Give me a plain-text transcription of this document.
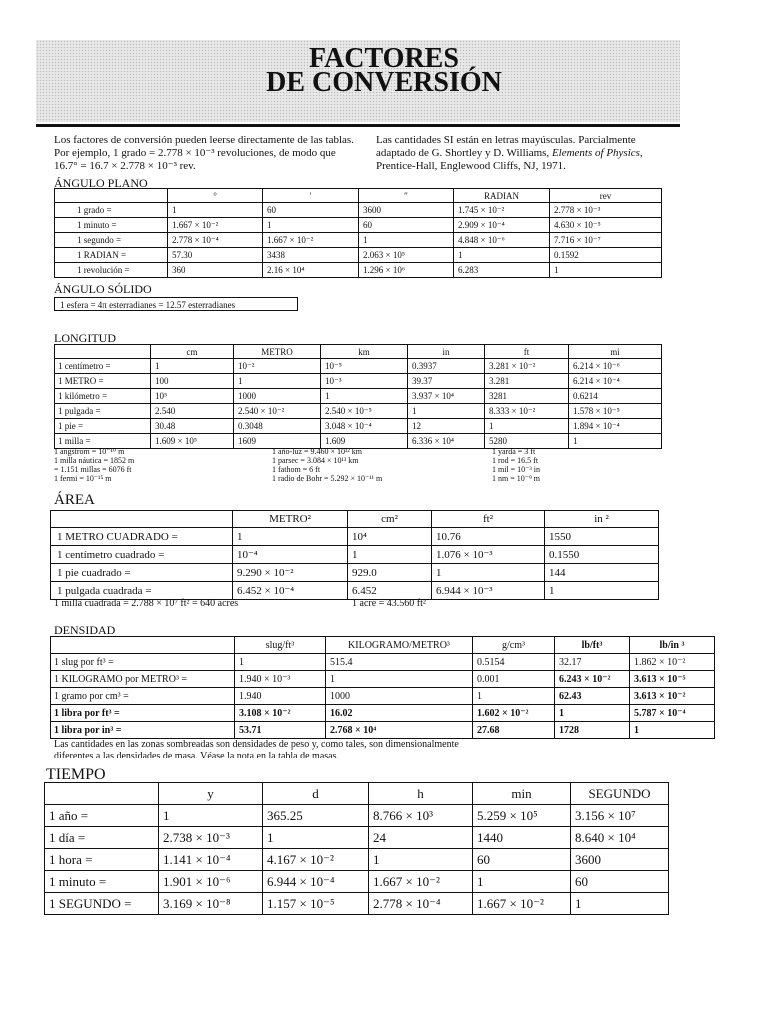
FACTORES
DE CONVERSIÓN
Los factores de conversión pueden leerse directamente de las tablas. Por ejemplo, 1 grado = 2.778 × 10⁻³ revoluciones, de modo que 16.7° = 16.7 × 2.778 × 10⁻³ rev.
Las cantidades SI están en letras mayúsculas. Parcialmente adaptado de G. Shortley y D. Williams, Elements of Physics, Prentice-Hall, Englewood Cliffs, NJ, 1971.
ÁNGULO PLANO
	°	′	″	RADIAN	rev
1 grado =	1	60	3600	1.745 × 10⁻²	2.778 × 10⁻³
1 minuto =	1.667 × 10⁻²	1	60	2.909 × 10⁻⁴	4.630 × 10⁻⁵
1 segundo =	2.778 × 10⁻⁴	1.667 × 10⁻²	1	4.848 × 10⁻⁶	7.716 × 10⁻⁷
1 RADIAN =	57.30	3438	2.063 × 10⁵	1	0.1592
1 revolución =	360	2.16 × 10⁴	1.296 × 10⁶	6.283	1
ÁNGULO SÓLIDO
1 esfera = 4π esterradianes = 12.57 esterradianes
LONGITUD
	cm	METRO	km	in	ft	mi
1 centímetro =	1	10⁻²	10⁻⁵	0.3937	3.281 × 10⁻²	6.214 × 10⁻⁶
1 METRO =	100	1	10⁻³	39.37	3.281	6.214 × 10⁻⁴
1 kilómetro =	10⁵	1000	1	3.937 × 10⁴	3281	0.6214
1 pulgada =	2.540	2.540 × 10⁻²	2.540 × 10⁻⁵	1	8.333 × 10⁻²	1.578 × 10⁻⁵
1 pie =	30.48	0.3048	3.048 × 10⁻⁴	12	1	1.894 × 10⁻⁴
1 milla =	1.609 × 10⁵	1609	1.609	6.336 × 10⁴	5280	1
1 angstrōm = 10⁻¹⁰ m
1 milla náutica = 1852 m
= 1.151 millas = 6076 ft
1 fermi = 10⁻¹⁵ m
1 año-luz = 9.460 × 10¹² km
1 parsec = 3.084 × 10¹³ km
1 fathom = 6 ft
1 radio de Bohr = 5.292 × 10⁻¹¹ m
1 yarda = 3 ft
1 rod = 16.5 ft
1 mil = 10⁻³ in
1 nm = 10⁻⁹ m
ÁREA
	METRO²	cm²	ft²	in ²
1 METRO CUADRADO =	1	10⁴	10.76	1550
1 centímetro cuadrado =	10⁻⁴	1	1.076 × 10⁻³	0.1550
1 pie cuadrado =	9.290 × 10⁻²	929.0	1	144
1 pulgada cuadrada =	6.452 × 10⁻⁴	6.452	6.944 × 10⁻³	1
1 milla cuadrada = 2.788 × 10⁷ ft² = 640 acres	1 acre = 43.560 ft²
DENSIDAD
	slug/ft³	KILOGRAMO/METRO³	g/cm³	lb/ft³	lb/in ³
1 slug por ft³ =	1	515.4	0.5154	32.17	1.862 × 10⁻²
1 KILOGRAMO por METRO³ =	1.940 × 10⁻³	1	0.001	6.243 × 10⁻²	3.613 × 10⁻⁵
1 gramo por cm³ =	1.940	1000	1	62.43	3.613 × 10⁻²
1 libra por ft³ =	3.108 × 10⁻²	16.02	1.602 × 10⁻²	1	5.787 × 10⁻⁴
1 libra por in³ =	53.71	2.768 × 10⁴	27.68	1728	1
Las cantidades en las zonas sombreadas son densidades de peso y, como tales, son dimensionalmente
diferentes a las densidades de masa. Véase la nota en la tabla de masas.
TIEMPO
	y	d	h	min	SEGUNDO
1 año =	1	365.25	8.766 × 10³	5.259 × 10⁵	3.156 × 10⁷
1 día =	2.738 × 10⁻³	1	24	1440	8.640 × 10⁴
1 hora =	1.141 × 10⁻⁴	4.167 × 10⁻²	1	60	3600
1 minuto =	1.901 × 10⁻⁶	6.944 × 10⁻⁴	1.667 × 10⁻²	1	60
1 SEGUNDO =	3.169 × 10⁻⁸	1.157 × 10⁻⁵	2.778 × 10⁻⁴	1.667 × 10⁻²	1
